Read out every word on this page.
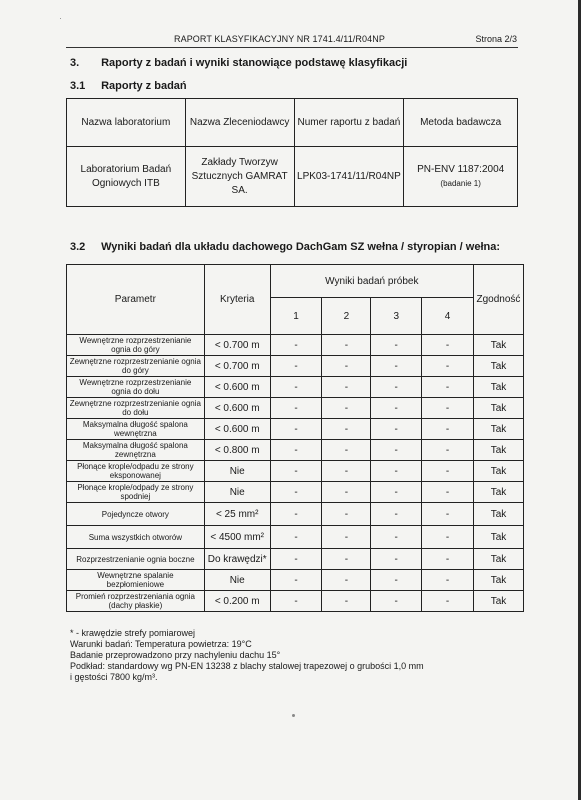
RAPORT KLASYFIKACYJNY NR 1741.4/11/R04NP	Strona 2/3
3. Raporty z badań i wyniki stanowiące podstawę klasyfikacji
3.1 Raporty z badań
Nazwa laboratorium	Nazwa Zleceniodawcy	Numer raportu z badań	Metoda badawcza
Laboratorium Badań Ogniowych ITB	Zakłady Tworzyw Sztucznych GAMRAT SA.	LPK03-1741/11/R04NP	PN-ENV 1187:2004
(badanie 1)
3.2 Wyniki badań dla układu dachowego DachGam SZ wełna / styropian / wełna:
Parametr	Kryteria	Wyniki badań próbek				Zgodność
		1	2	3	4	
Wewnętrzne rozprzestrzenianie ognia do góry	< 0.700 m	-	-	-	-	Tak
Zewnętrzne rozprzestrzenianie ognia do góry	< 0.700 m	-	-	-	-	Tak
Wewnętrzne rozprzestrzenianie ognia do dołu	< 0.600 m	-	-	-	-	Tak
Zewnętrzne rozprzestrzenianie ognia do dołu	< 0.600 m	-	-	-	-	Tak
Maksymalna długość spalona wewnętrzna	< 0.600 m	-	-	-	-	Tak
Maksymalna długość spalona zewnętrzna	< 0.800 m	-	-	-	-	Tak
Płonące krople/odpadu ze strony eksponowanej	Nie	-	-	-	-	Tak
Płonące krople/odpady ze strony spodniej	Nie	-	-	-	-	Tak
Pojedyncze otwory	< 25 mm²	-	-	-	-	Tak
Suma wszystkich otworów	< 4500 mm²	-	-	-	-	Tak
Rozprzestrzenianie ognia boczne	Do krawędzi*	-	-	-	-	Tak
Wewnętrzne spalanie bezpłomieniowe	Nie	-	-	-	-	Tak
Promień rozprzestrzeniania ognia (dachy płaskie)	< 0.200 m	-	-	-	-	Tak
* - krawędzie strefy pomiarowej
Warunki badań: Temperatura powietrza: 19°C
Badanie przeprowadzono przy nachyleniu dachu 15°
Podkład: standardowy wg PN-EN 13238 z blachy stalowej trapezowej o grubości 1,0 mm
i gęstości 7800 kg/m³.
